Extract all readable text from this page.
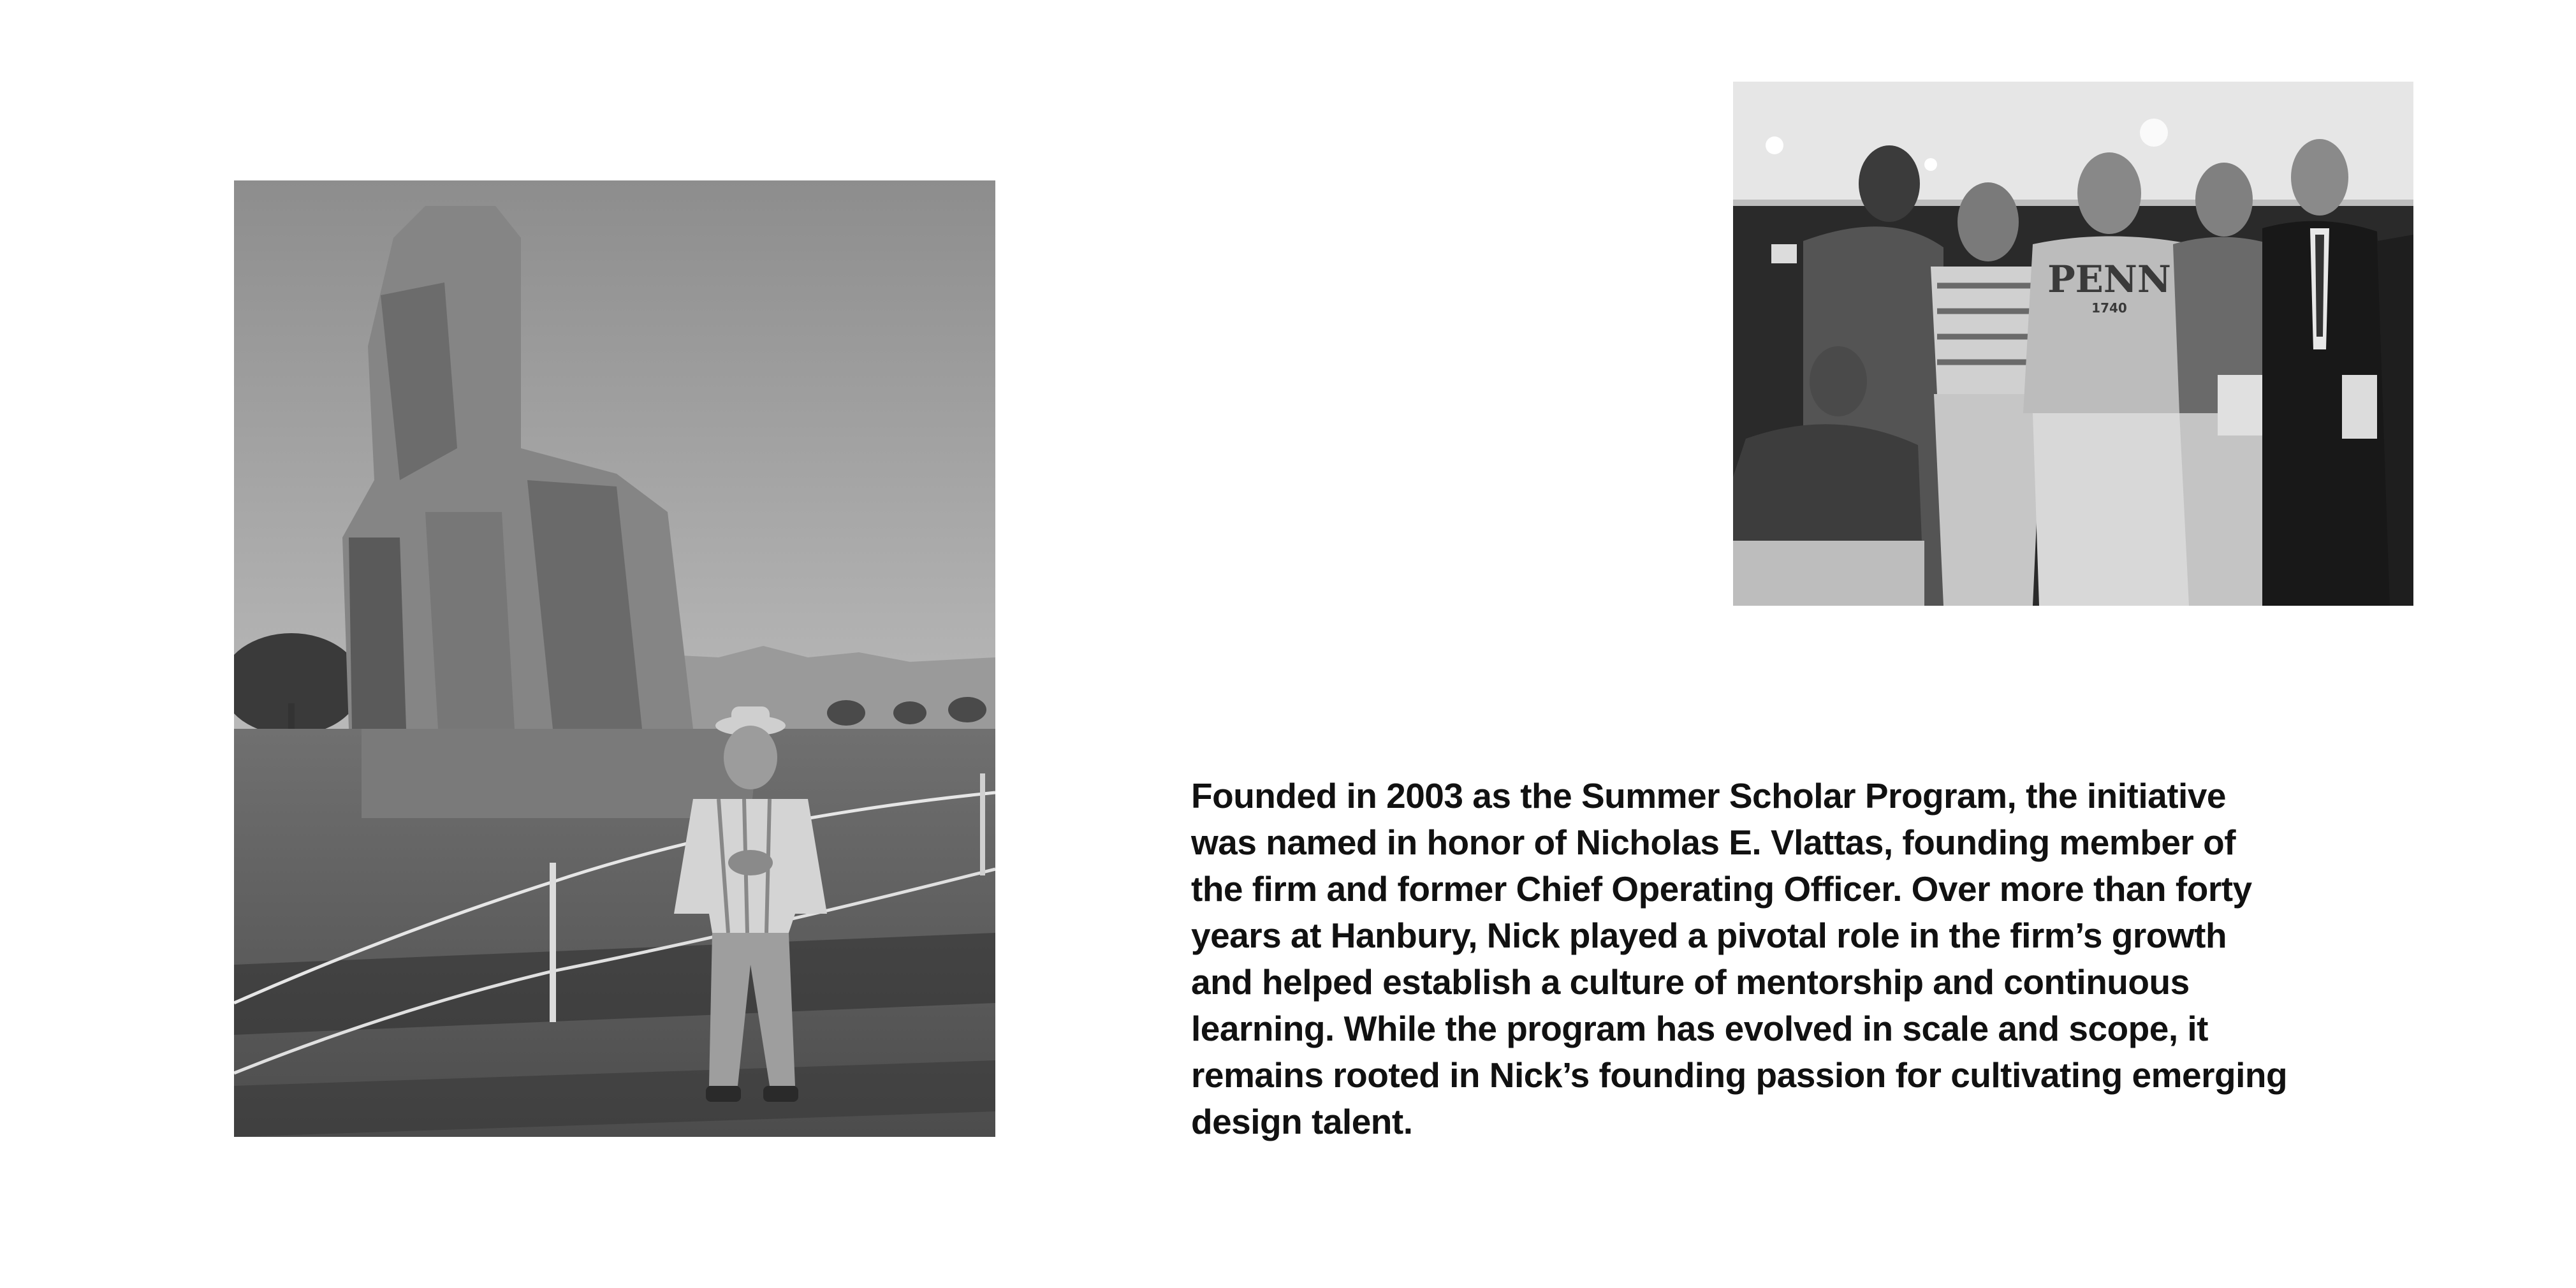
PENN
1740

Founded in 2003 as the Summer Scholar Program, the initiative was named in honor of Nicholas E. Vlattas, founding member of the firm and former Chief Operating Officer. Over more than forty years at Hanbury, Nick played a pivotal role in the firm’s growth and helped establish a culture of mentorship and continuous learning. While the program has evolved in scale and scope, it remains rooted in Nick’s founding passion for cultivating emerging design talent.
